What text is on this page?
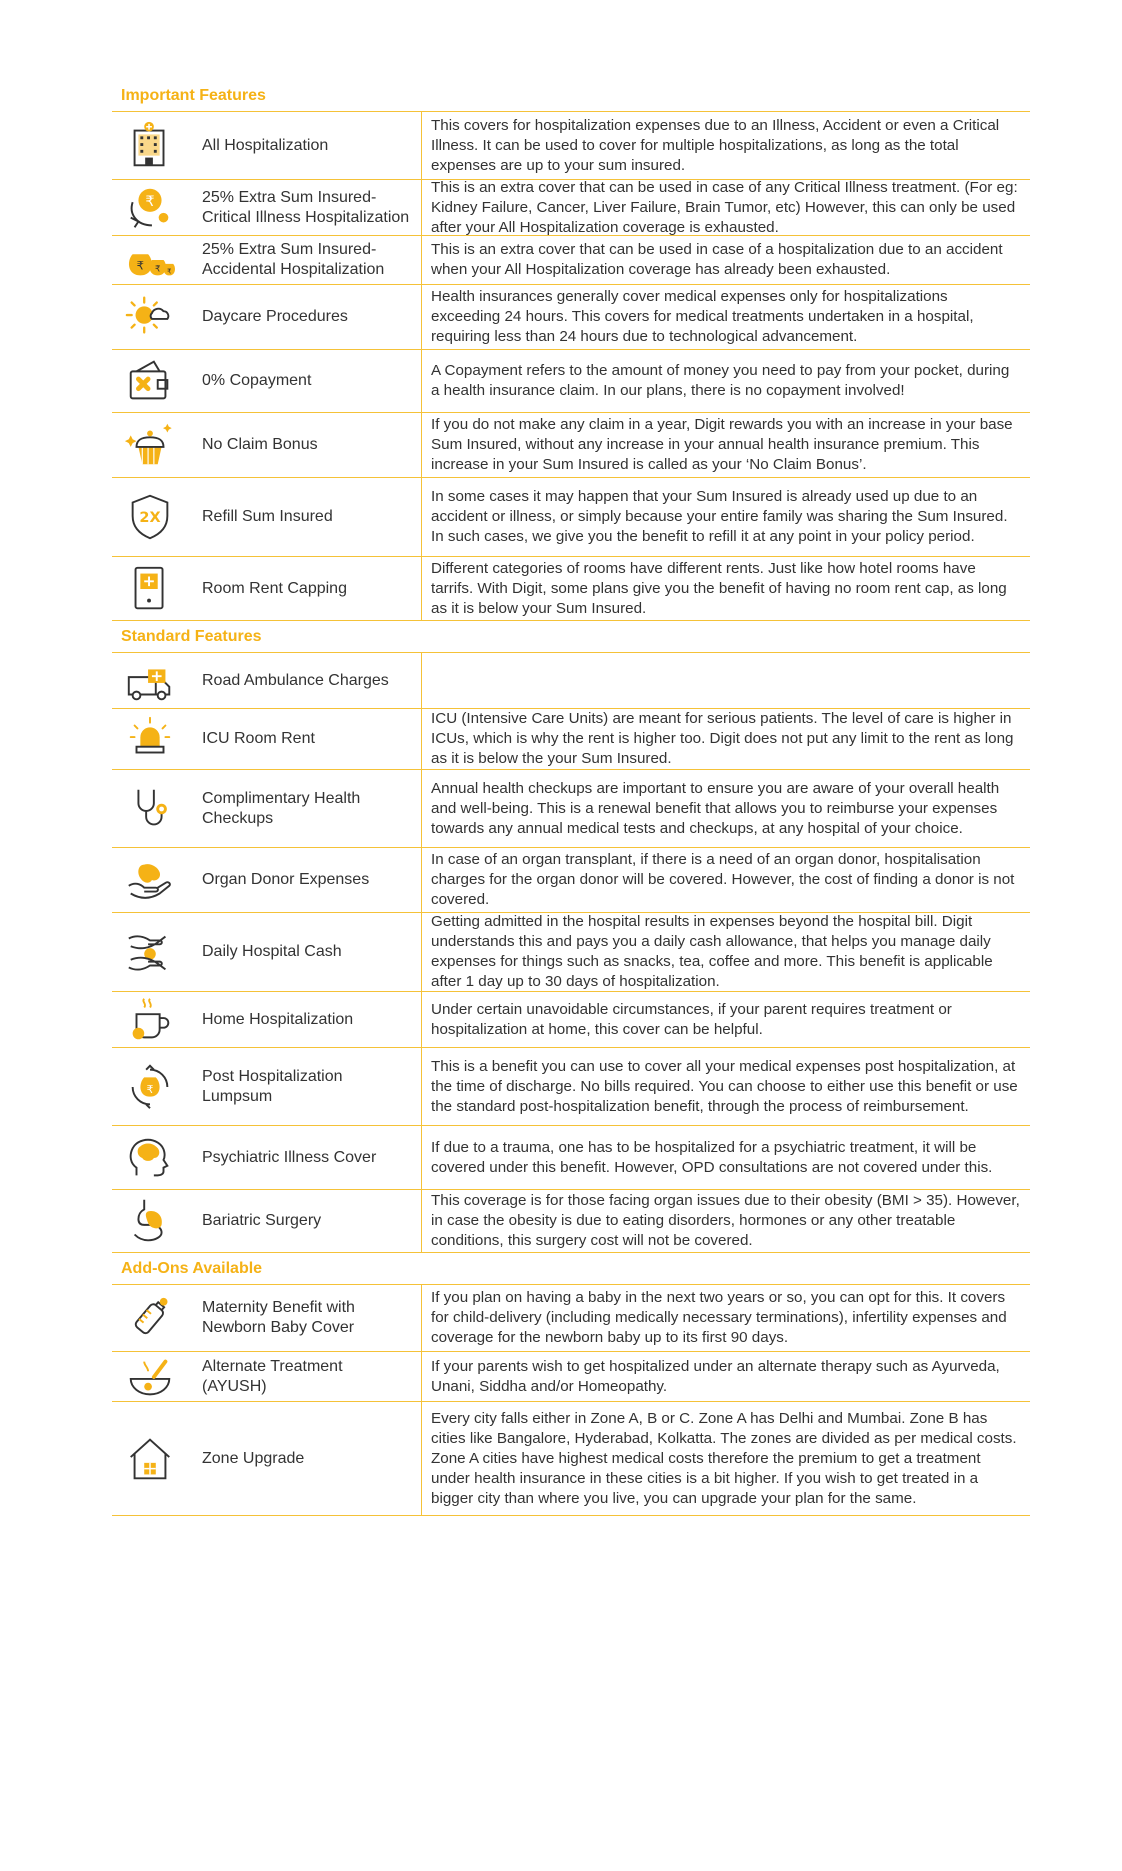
Important Features
All Hospitalization
This covers for hospitalization expenses due to an Illness, Accident or even a Critical Illness. It can be used to cover for multiple hospitalizations, as long as the total expenses are up to your sum insured.
₹	25% Extra Sum Insured- Critical Illness Hospitalization
This is an extra cover that can be used in case of any Critical Illness treatment. (For eg: Kidney Failure, Cancer, Liver Failure, Brain Tumor, etc) However, this can only be used after your All Hospitalization coverage is exhausted.
₹ ₹ ₹
25% Extra Sum Insured- Accidental Hospitalization
This is an extra cover that can be used in case of a hospitalization due to an accident when your All Hospitalization coverage has already been exhausted.
Daycare Procedures
Health insurances generally cover medical expenses only for hospitalizations exceeding 24 hours. This covers for medical treatments undertaken in a hospital, requiring less than 24 hours due to technological advancement.
0% Copayment
A Copayment refers to the amount of money you need to pay from your pocket, during a health insurance claim. In our plans, there is no copayment involved!
No Claim Bonus
If you do not make any claim in a year, Digit rewards you with an increase in your base Sum Insured, without any increase in your annual health insurance premium. This increase in your Sum Insured is called as your ‘No Claim Bonus’.
2X	Refill Sum Insured
In some cases it may happen that your Sum Insured is already used up due to an accident or illness, or simply because your entire family was sharing the Sum Insured. In such cases, we give you the benefit to refill it at any point in your policy period.
Room Rent Capping
Different categories of rooms have different rents. Just like how hotel rooms have tarrifs. With Digit, some plans give you the benefit of having no room rent cap, as long as it is below your Sum Insured.
Standard Features
Road Ambulance Charges
ICU Room Rent
ICU (Intensive Care Units) are meant for serious patients. The level of care is higher in ICUs, which is why the rent is higher too. Digit does not put any limit to the rent as long as it is below the your Sum Insured.
Complimentary Health Checkups
Annual health checkups are important to ensure you are aware of your overall health and well-being. This is a renewal benefit that allows you to reimburse your expenses towards any annual medical tests and checkups, at any hospital of your choice.
Organ Donor Expenses
In case of an organ transplant, if there is a need of an organ donor, hospitalisation charges for the organ donor will be covered. However, the cost of finding a donor is not covered.
Daily Hospital Cash
Getting admitted in the hospital results in expenses beyond the hospital bill. Digit understands this and pays you a daily cash allowance, that helps you manage daily expenses for things such as snacks, tea, coffee and more. This benefit is applicable after 1 day up to 30 days of hospitalization.
Home Hospitalization
Under certain unavoidable circumstances, if your parent requires treatment or hospitalization at home, this cover can be helpful.
₹
Post Hospitalization Lumpsum
This is a benefit you can use to cover all your medical expenses post hospitalization, at the time of discharge. No bills required. You can choose to either use this benefit or use the standard post-hospitalization benefit, through the process of reimbursement.
Psychiatric Illness Cover
If due to a trauma, one has to be hospitalized for a psychiatric treatment, it will be covered under this benefit. However, OPD consultations are not covered under this.
Bariatric Surgery
This coverage is for those facing organ issues due to their obesity (BMI > 35). However, in case the obesity is due to eating disorders, hormones or any other treatable conditions, this surgery cost will not be covered.
Add-Ons Available
Maternity Benefit with Newborn Baby Cover
If you plan on having a baby in the next two years or so, you can opt for this. It covers for child-delivery (including medically necessary terminations), infertility expenses and coverage for the newborn baby up to its first 90 days.
Alternate Treatment (AYUSH)
If your parents wish to get hospitalized under an alternate therapy such as Ayurveda, Unani, Siddha and/or Homeopathy.
Zone Upgrade
Every city falls either in Zone A, B or C. Zone A has Delhi and Mumbai. Zone B has cities like Bangalore, Hyderabad, Kolkatta. The zones are divided as per medical costs. Zone A cities have highest medical costs therefore the premium to get a treatment under health insurance in these cities is a bit higher. If you wish to get treated in a bigger city than where you live, you can upgrade your plan for the same.
